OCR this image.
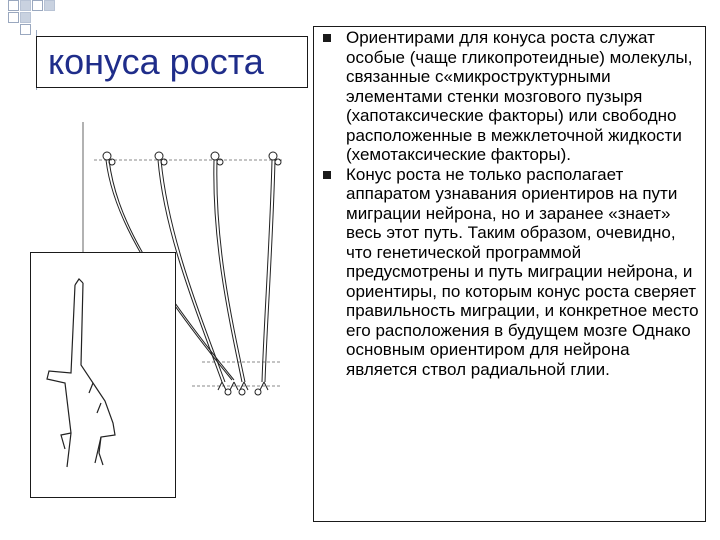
конуса роста
Ориентирами для конуса роста служат особые (чаще гликопротеидные) молекулы, связанные с«микроструктурными элементами стенки мозгового пузыря (хапотаксические факторы) или свободно расположенные в межклеточной жидкости (хемотаксические факторы).
Конус роста не только располагает аппаратом узнавания ориентиров на пути миграции нейрона, но и заранее «знает» весь этот путь. Таким образом, очевидно, что генетической программой предусмотрены и путь миграции нейрона, и ориентиры, по которым конус роста сверяет правильность миграции, и конкретное место его расположения в будущем мозге Однако основным ориентиром для нейрона является ствол радиальной глии.
